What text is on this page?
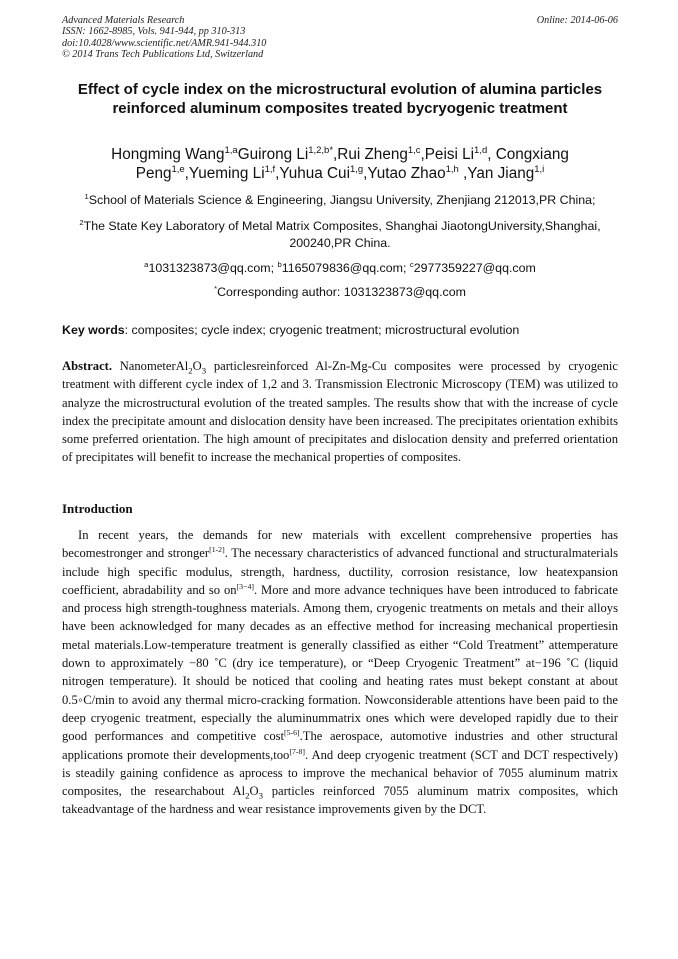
Advanced Materials Research
ISSN: 1662-8985, Vols. 941-944, pp 310-313
doi:10.4028/www.scientific.net/AMR.941-944.310
© 2014 Trans Tech Publications Ltd, Switzerland
Online: 2014-06-06
Effect of cycle index on the microstructural evolution of alumina particles reinforced aluminum composites treated bycryogenic treatment
Hongming Wang$^{1,a}$Guirong $Li^{1,2,b*},Rui$ Zheng$^{1,c}$,Peisi Li$^{1,d}$, Congxiang Peng$^{1,e}$,Yueming Li$^{1,f}$,Yuhua Cui$^{1,g}$,Yutao Zhao$^{1,h}$ ,Yan Jiang$^{1,i}$
$^1$School of Materials Science & Engineering, Jiangsu University, Zhenjiang 212013,PR China;
$^2$The State Key Laboratory of Metal Matrix Composites, Shanghai JiaotongUniversity,Shanghai, 200240,PR China.
$^a$1031323873@qq.com; $^b$1165079836@qq.com; $^c$2977359227@qq.com
*Corresponding author: 1031323873@qq.com
Key words: composites; cycle index; cryogenic treatment; microstructural evolution
Abstract. $NanometerAl_2O_3$ particlesreinforced Al-Zn-Mg-Cu composites were processed by cryogenic treatment with different cycle index of 1,2 and 3. Transmission Electronic Microscopy (TEM) was utilized to analyze the microstructural evolution of the treated samples. The results show that with the increase of cycle index the precipitate amount and dislocation density have been increased. The precipitates orientation exhibits some preferred orientation. The high amount of precipitates and dislocation density and preferred orientation of precipitates will benefit to increase the mechanical properties of composites.
Introduction

In recent years, the demands for new materials with excellent comprehensive properties has becomestronger and stronger[1-2]. The necessary characteristics of advanced functional and structuralmaterials include high specific modulus, strength, hardness, ductility, corrosion resistance, low heatexpansion coefficient, abradability and so on[3−4]. More and more advance techniques have been introduced to fabricate and process high strength-toughness materials. Among them, cryogenic treatments on metals and their alloys have been acknowledged for many decades as an effective method for increasing mechanical propertiesin metal materials.Low-temperature treatment is generally classified as either “Cold Treatment” attemperature down to approximately −80 ˚C (dry ice temperature), or “Deep Cryogenic Treatment” at−196 ˚C (liquid nitrogen temperature). It should be noticed that cooling and heating rates must bekept constant at about 0.5◦C/min to avoid any thermal micro-cracking formation. Nowconsiderable attentions have been paid to the deep cryogenic treatment, especially the aluminummatrix ones which were developed rapidly due to their good performances and competitive cost[5-6].The aerospace, automotive industries and other structural applications promote their developments,too[7-8]. And deep cryogenic treatment (SCT and DCT respectively) is steadily gaining confidence as aprocess to improve the mechanical behavior of 7055 aluminum matrix composites, the researchabout $Al_2O_3$ particles reinforced 7055 aluminum matrix composites, which takeadvantage of the hardness and wear resistance improvements given by the DCT.
